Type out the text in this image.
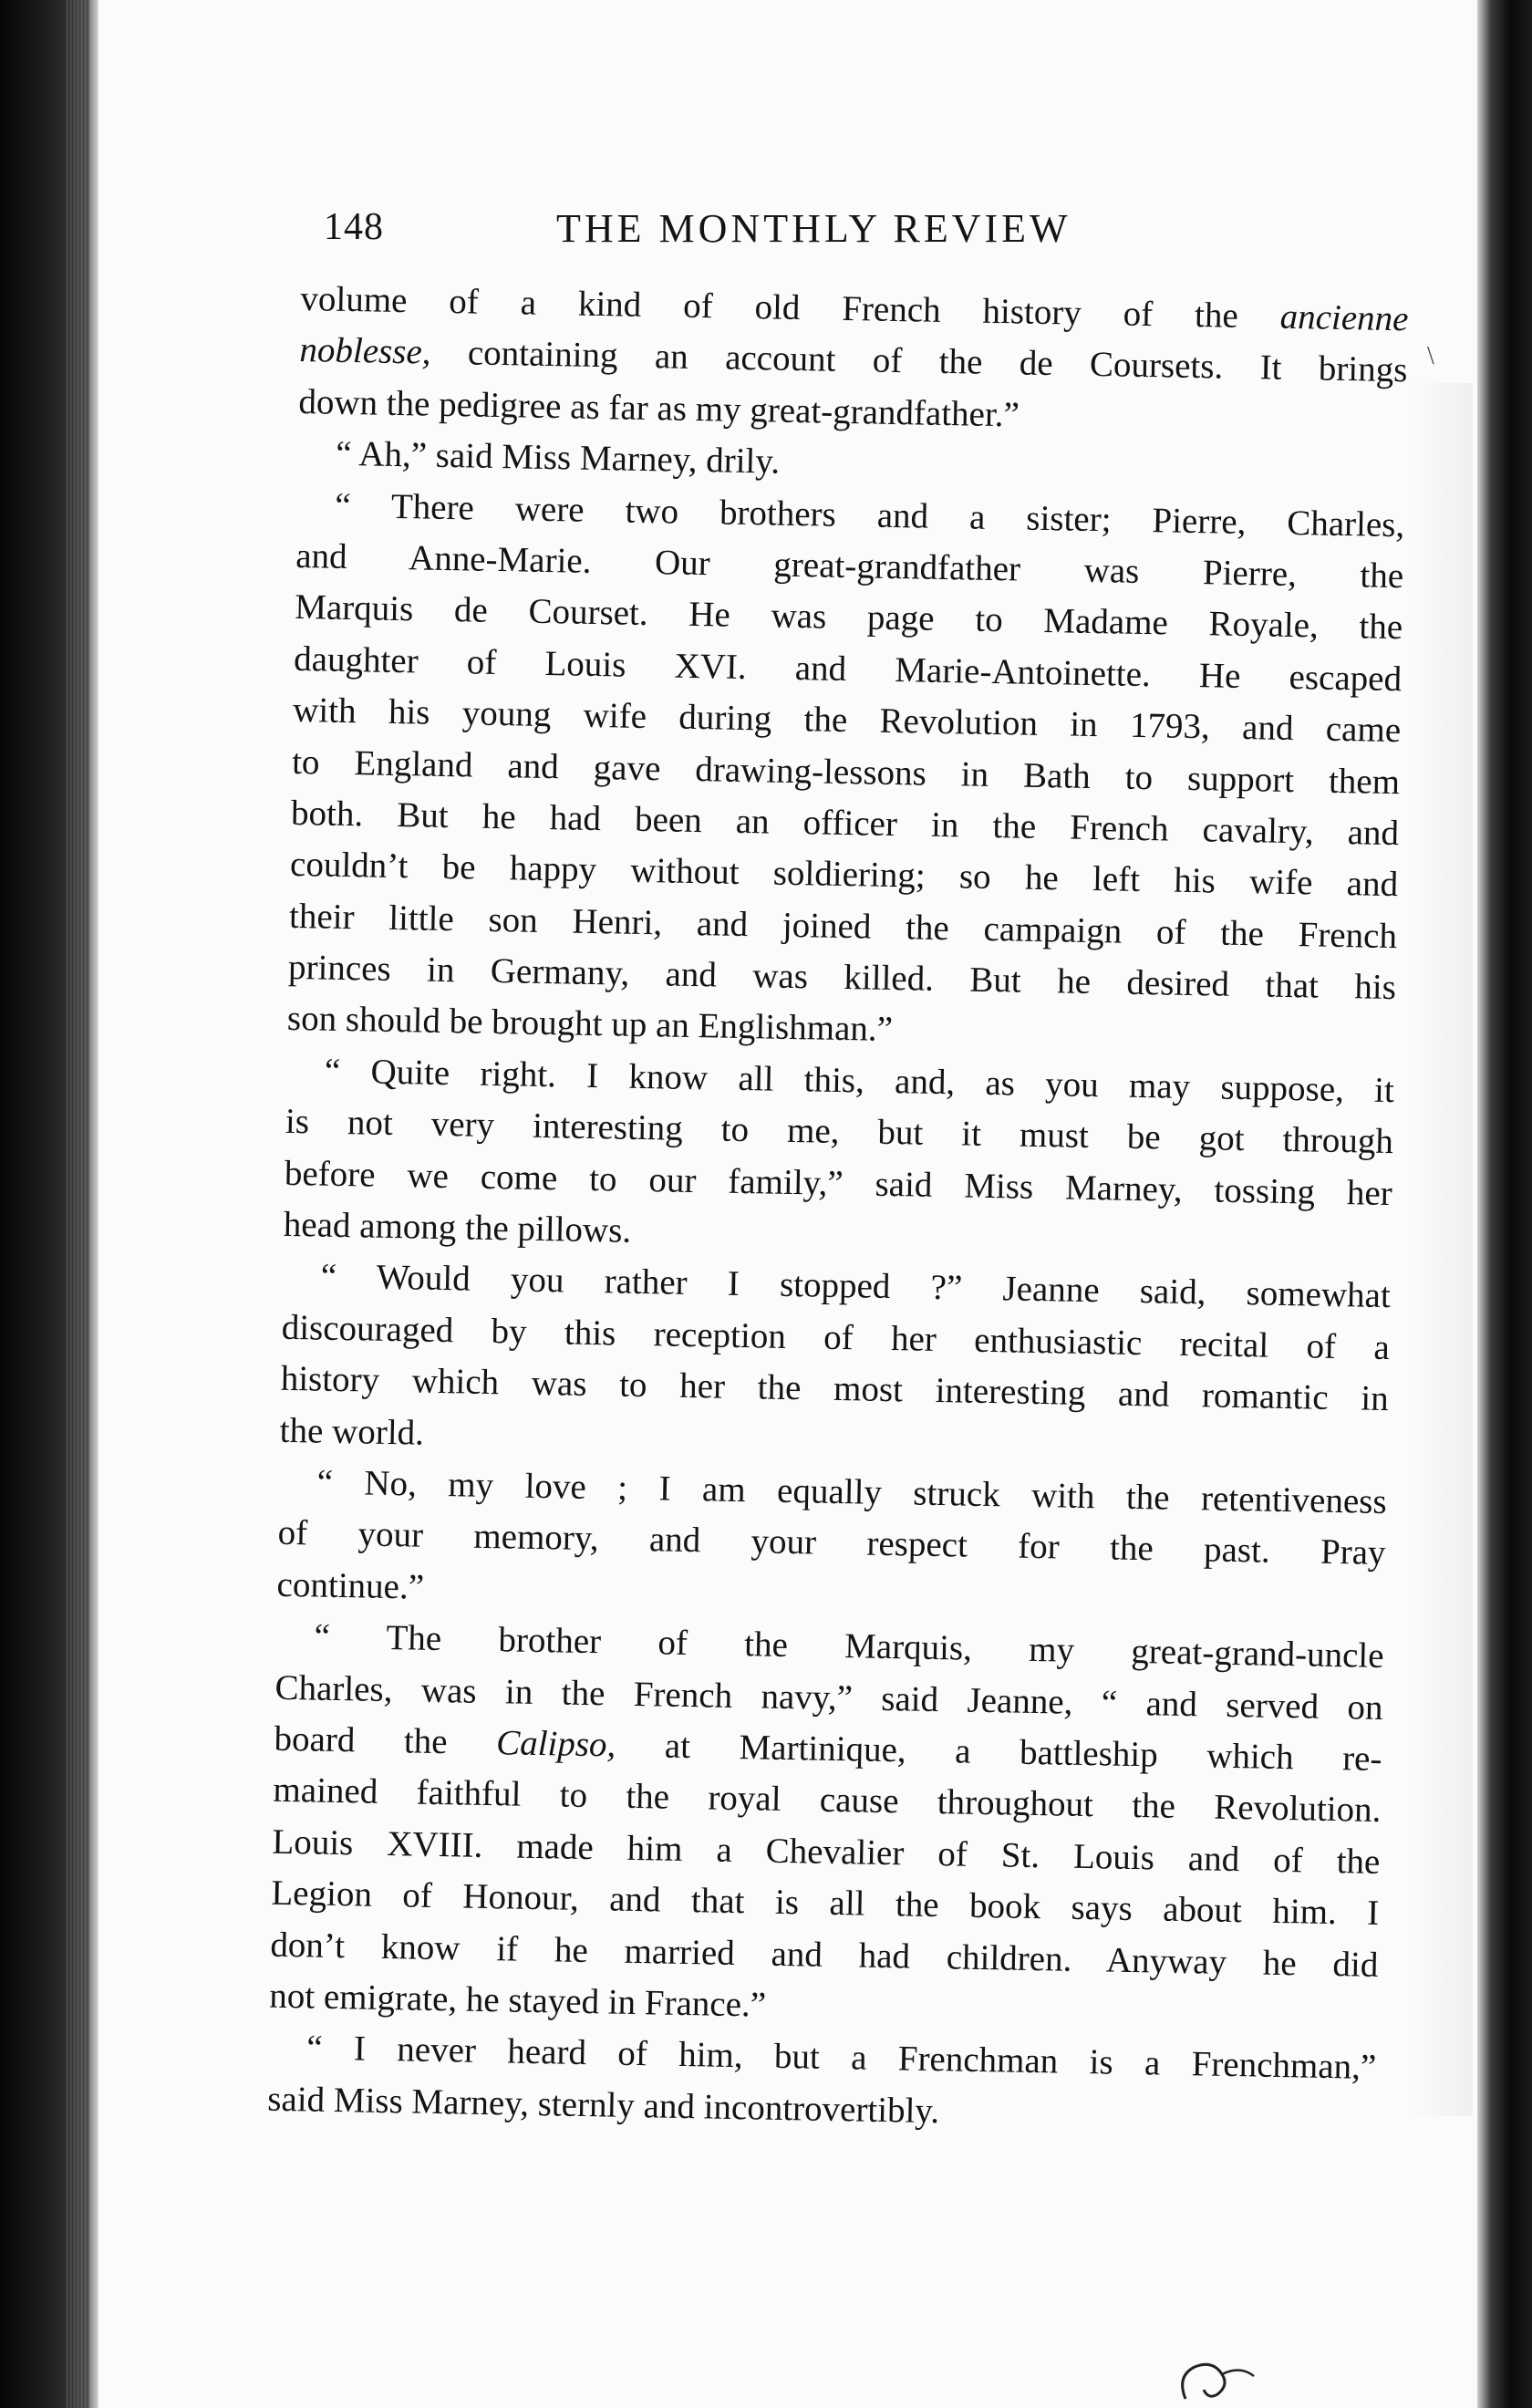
148	THE MONTHLY REVIEW
\
volume of a kind of old French history of the ancienne
noblesse, containing an account of the de Coursets. It brings
down the pedigree as far as my great-grandfather.”
“ Ah,” said Miss Marney, drily.
“ There were two brothers and a sister; Pierre, Charles,
and Anne-Marie. Our great-grandfather was Pierre, the
Marquis de Courset. He was page to Madame Royale, the
daughter of Louis XVI. and Marie-Antoinette. He escaped
with his young wife during the Revolution in 1793, and came
to England and gave drawing-lessons in Bath to support them
both. But he had been an officer in the French cavalry, and
couldn’t be happy without soldiering; so he left his wife and
their little son Henri, and joined the campaign of the French
princes in Germany, and was killed. But he desired that his
son should be brought up an Englishman.”
“ Quite right. I know all this, and, as you may suppose, it
is not very interesting to me, but it must be got through
before we come to our family,” said Miss Marney, tossing her
head among the pillows.
“ Would you rather I stopped ?” Jeanne said, somewhat
discouraged by this reception of her enthusiastic recital of a
history which was to her the most interesting and romantic in
the world.
“ No, my love ; I am equally struck with the retentiveness
of your memory, and your respect for the past. Pray
continue.”
“ The brother of the Marquis, my great-grand-uncle
Charles, was in the French navy,” said Jeanne, “ and served on
board the Calipso, at Martinique, a battleship which re-
mained faithful to the royal cause throughout the Revolution.
Louis XVIII. made him a Chevalier of St. Louis and of the
Legion of Honour, and that is all the book says about him. I
don’t know if he married and had children. Anyway he did
not emigrate, he stayed in France.”
“ I never heard of him, but a Frenchman is a Frenchman,”
said Miss Marney, sternly and incontrovertibly.
